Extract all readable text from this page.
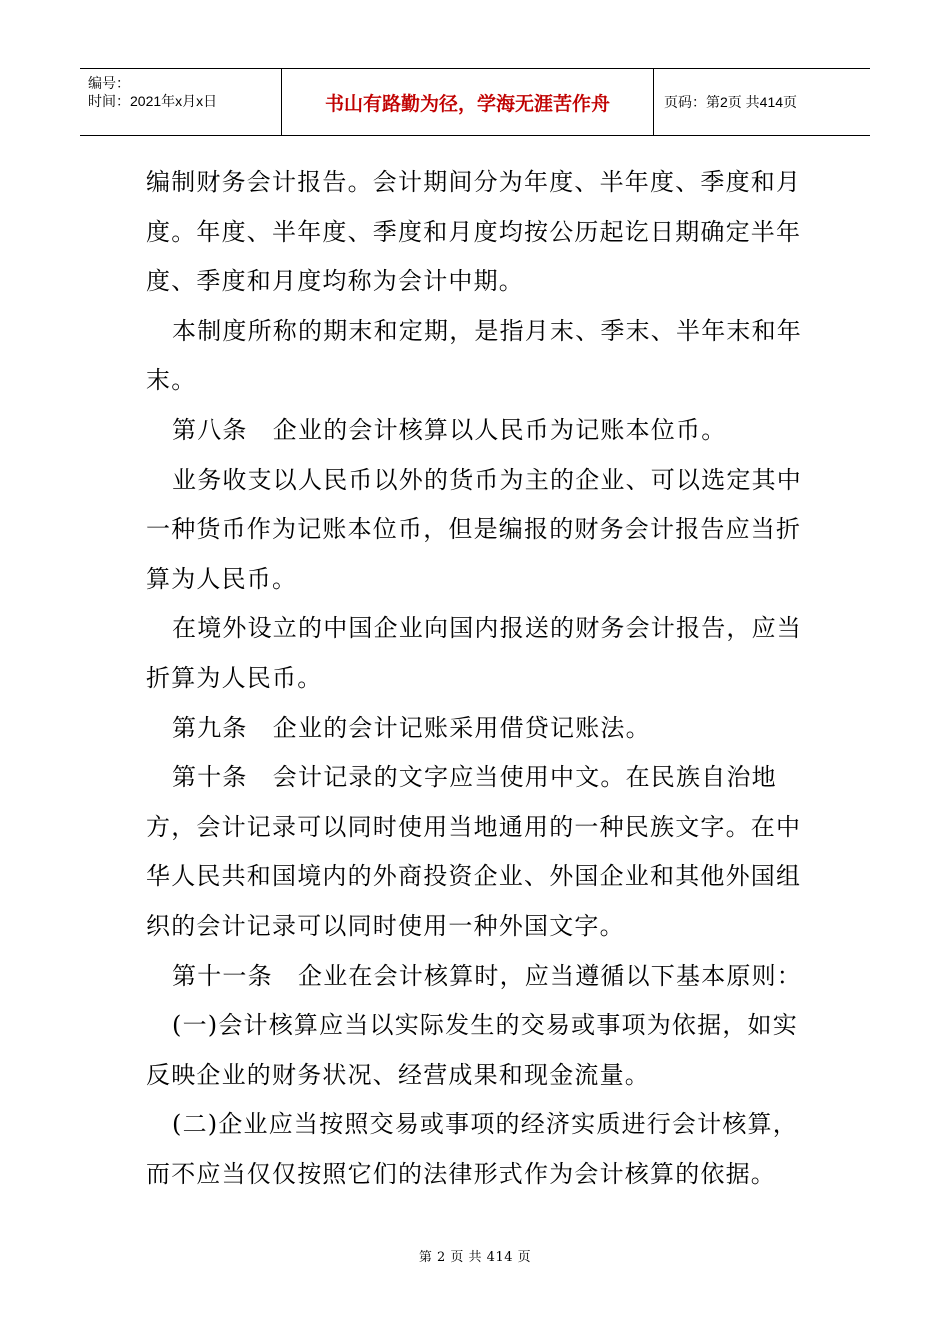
编号：
时间：2021年x月x日	书山有路勤为径，学海无涯苦作舟	页码：第2页 共414页

编制财务会计报告。会计期间分为年度、半年度、季度和月度。年度、半年度、季度和月度均按公历起讫日期确定半年度、季度和月度均称为会计中期。

本制度所称的期末和定期，是指月末、季末、半年末和年末。

第八条　企业的会计核算以人民币为记账本位币。

业务收支以人民币以外的货币为主的企业、可以选定其中一种货币作为记账本位币，但是编报的财务会计报告应当折算为人民币。

在境外设立的中国企业向国内报送的财务会计报告，应当折算为人民币。

第九条　企业的会计记账采用借贷记账法。

第十条　会计记录的文字应当使用中文。在民族自治地方，会计记录可以同时使用当地通用的一种民族文字。在中华人民共和国境内的外商投资企业、外国企业和其他外国组织的会计记录可以同时使用一种外国文字。

第十一条　企业在会计核算时，应当遵循以下基本原则：

(一)会计核算应当以实际发生的交易或事项为依据，如实反映企业的财务状况、经营成果和现金流量。

(二)企业应当按照交易或事项的经济实质进行会计核算，而不应当仅仅按照它们的法律形式作为会计核算的依据。

第 2 页 共 414 页
